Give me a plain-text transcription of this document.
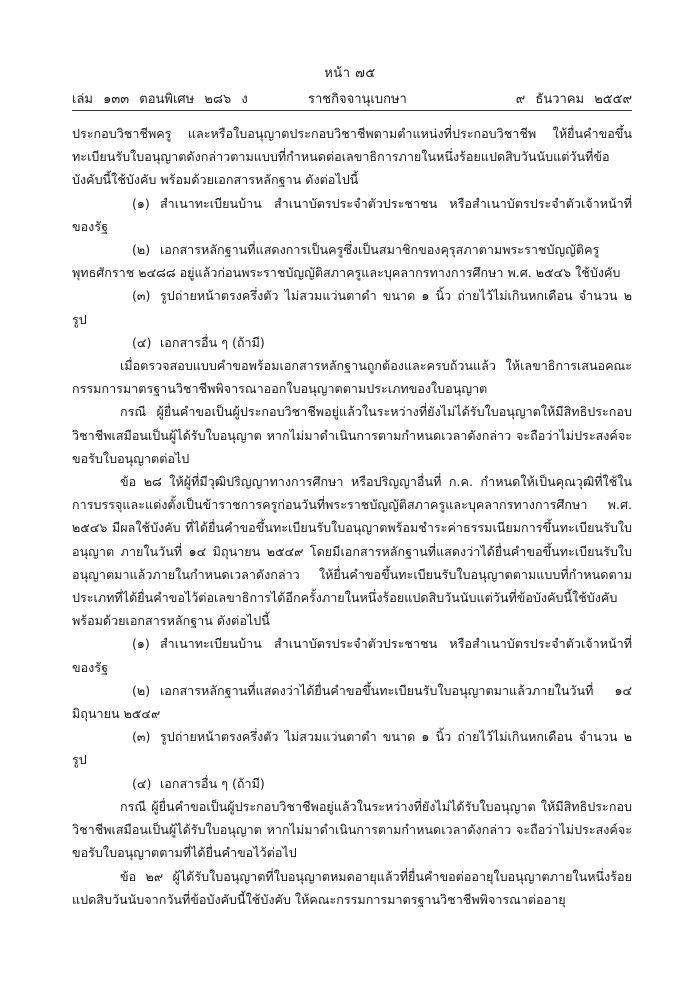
หน้า ๗๕
เล่ม ๑๓๓ ตอนพิเศษ ๒๘๖ ง	ราชกิจจานุเบกษา	๙ ธันวาคม ๒๕๕๙

ประกอบวิชาชีพครู และหรือใบอนุญาตประกอบวิชาชีพตามตำแหน่งที่ประกอบวิชาชีพ ให้ยื่นคำขอขึ้นทะเบียนรับใบอนุญาตดังกล่าวตามแบบที่กำหนดต่อเลขาธิการภายในหนึ่งร้อยแปดสิบวันนับแต่วันที่ข้อบังคับนี้ใช้บังคับ พร้อมด้วยเอกสารหลักฐาน ดังต่อไปนี้

(๑) สำเนาทะเบียนบ้าน สำเนาบัตรประจำตัวประชาชน หรือสำเนาบัตรประจำตัวเจ้าหน้าที่ของรัฐ

(๒) เอกสารหลักฐานที่แสดงการเป็นครูซึ่งเป็นสมาชิกของคุรุสภาตามพระราชบัญญัติครู พุทธศักราช ๒๔๘๘ อยู่แล้วก่อนพระราชบัญญัติสภาครูและบุคลากรทางการศึกษา พ.ศ. ๒๕๔๖ ใช้บังคับ

(๓) รูปถ่ายหน้าตรงครึ่งตัว ไม่สวมแว่นตาดำ ขนาด ๑ นิ้ว ถ่ายไว้ไม่เกินหกเดือน จำนวน ๒ รูป

(๔) เอกสารอื่น ๆ (ถ้ามี)

เมื่อตรวจสอบแบบคำขอพร้อมเอกสารหลักฐานถูกต้องและครบถ้วนแล้ว ให้เลขาธิการเสนอคณะกรรมการมาตรฐานวิชาชีพพิจารณาออกใบอนุญาตตามประเภทของใบอนุญาต

กรณี ผู้ยื่นคำขอเป็นผู้ประกอบวิชาชีพอยู่แล้วในระหว่างที่ยังไม่ได้รับใบอนุญาตให้มีสิทธิประกอบวิชาชีพเสมือนเป็นผู้ได้รับใบอนุญาต หากไม่มาดำเนินการตามกำหนดเวลาดังกล่าว จะถือว่าไม่ประสงค์จะขอรับใบอนุญาตต่อไป

ข้อ ๒๘ ให้ผู้ที่มีวุฒิปริญญาทางการศึกษา หรือปริญญาอื่นที่ ก.ค. กำหนดให้เป็นคุณวุฒิที่ใช้ในการบรรจุและแต่งตั้งเป็นข้าราชการครูก่อนวันที่พระราชบัญญัติสภาครูและบุคลากรทางการศึกษา พ.ศ. ๒๕๔๖ มีผลใช้บังคับ ที่ได้ยื่นคำขอขึ้นทะเบียนรับใบอนุญาตพร้อมชำระค่าธรรมเนียมการขึ้นทะเบียนรับใบอนุญาต ภายในวันที่ ๑๔ มิถุนายน ๒๕๔๙ โดยมีเอกสารหลักฐานที่แสดงว่าได้ยื่นคำขอขึ้นทะเบียนรับใบอนุญาตมาแล้วภายในกำหนดเวลาดังกล่าว ให้ยื่นคำขอขึ้นทะเบียนรับใบอนุญาตตามแบบที่กำหนดตามประเภทที่ได้ยื่นคำขอไว้ต่อเลขาธิการได้อีกครั้งภายในหนึ่งร้อยแปดสิบวันนับแต่วันที่ข้อบังคับนี้ใช้บังคับพร้อมด้วยเอกสารหลักฐาน ดังต่อไปนี้

(๑) สำเนาทะเบียนบ้าน สำเนาบัตรประจำตัวประชาชน หรือสำเนาบัตรประจำตัวเจ้าหน้าที่ของรัฐ

(๒) เอกสารหลักฐานที่แสดงว่าได้ยื่นคำขอขึ้นทะเบียนรับใบอนุญาตมาแล้วภายในวันที่ ๑๔ มิถุนายน ๒๕๔๙

(๓) รูปถ่ายหน้าตรงครึ่งตัว ไม่สวมแว่นตาดำ ขนาด ๑ นิ้ว ถ่ายไว้ไม่เกินหกเดือน จำนวน ๒ รูป

(๔) เอกสารอื่น ๆ (ถ้ามี)

กรณี ผู้ยื่นคำขอเป็นผู้ประกอบวิชาชีพอยู่แล้วในระหว่างที่ยังไม่ได้รับใบอนุญาต ให้มีสิทธิประกอบวิชาชีพเสมือนเป็นผู้ได้รับใบอนุญาต หากไม่มาดำเนินการตามกำหนดเวลาดังกล่าว จะถือว่าไม่ประสงค์จะขอรับใบอนุญาตตามที่ได้ยื่นคำขอไว้ต่อไป

ข้อ ๒๙ ผู้ได้รับใบอนุญาตที่ใบอนุญาตหมดอายุแล้วที่ยื่นคำขอต่ออายุใบอนุญาตภายในหนึ่งร้อยแปดสิบวันนับจากวันที่ข้อบังคับนี้ใช้บังคับ ให้คณะกรรมการมาตรฐานวิชาชีพพิจารณาต่ออายุ
